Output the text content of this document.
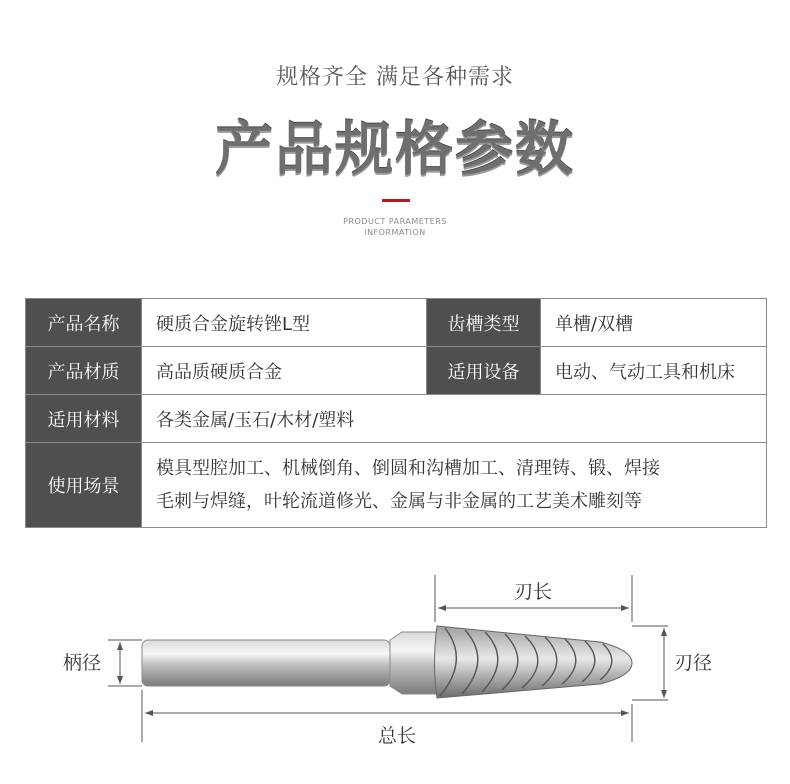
规格齐全 满足各种需求
产品规格参数
PRODUCT PARAMETERS
INFORMATION
产品名称	硬质合金旋转锉L型	齿槽类型	单槽/双槽
产品材质	高品质硬质合金	适用设备	电动、气动工具和机床
适用材料	各类金属/玉石/木材/塑料		
使用场景	模具型腔加工、机械倒角、倒圆和沟槽加工、清理铸、锻、焊接
毛刺与焊缝，叶轮流道修光、金属与非金属的工艺美术雕刻等		
刃长
柄径	刃径
总长
